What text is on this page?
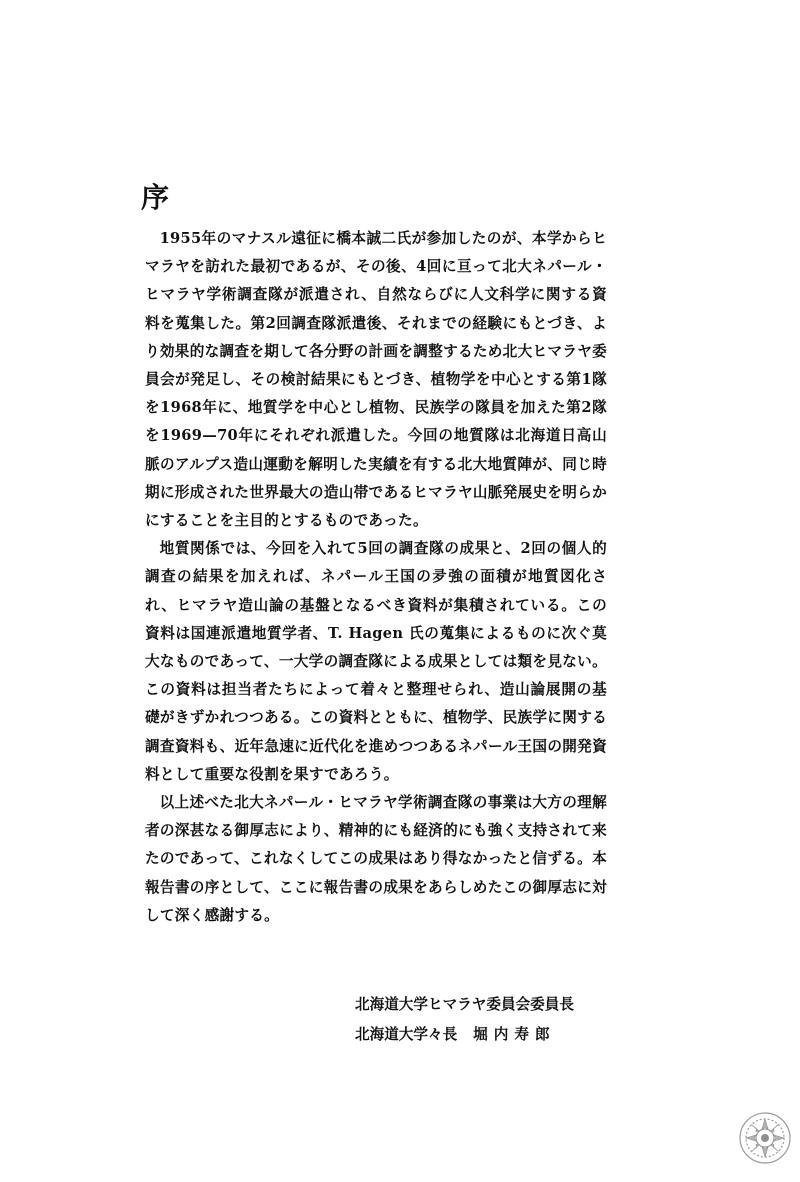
序

1955年のマナスル遠征に橋本誠二氏が参加したのが、本学からヒマラヤを訪れた最初であるが、その後、4回に亘って北大ネパール・ヒマラヤ学術調査隊が派遣され、自然ならびに人文科学に関する資料を蒐集した。第2回調査隊派遣後、それまでの経験にもとづき、より効果的な調査を期して各分野の計画を調整するため北大ヒマラヤ委員会が発足し、その検討結果にもとづき、植物学を中心とする第1隊を1968年に、地質学を中心とし植物、民族学の隊員を加えた第2隊を1969—70年にそれぞれ派遣した。今回の地質隊は北海道日高山脈のアルプス造山運動を解明した実績を有する北大地質陣が、同じ時期に形成された世界最大の造山帯であるヒマラヤ山脈発展史を明らかにすることを主目的とするものであった。

地質関係では、今回を入れて5回の調査隊の成果と、2回の個人的調査の結果を加えれば、ネパール王国の夛強の面積が地質図化され、ヒマラヤ造山論の基盤となるべき資料が集積されている。この資料は国連派遣地質学者、T. Hagen 氏の蒐集によるものに次ぐ莫大なものであって、一大学の調査隊による成果としては類を見ない。この資料は担当者たちによって着々と整理せられ、造山論展開の基礎がきずかれつつある。この資料とともに、植物学、民族学に関する調査資料も、近年急速に近代化を進めつつあるネパール王国の開発資料として重要な役割を果すであろう。

以上述べた北大ネパール・ヒマラヤ学術調査隊の事業は大方の理解者の深甚なる御厚志により、精神的にも経済的にも強く支持されて来たのであって、これなくしてこの成果はあり得なかったと信ずる。本報告書の序として、ここに報告書の成果をあらしめたこの御厚志に対して深く感謝する。

北海道大学ヒマラヤ委員会委員長
北海道大学々長 堀内寿郎
